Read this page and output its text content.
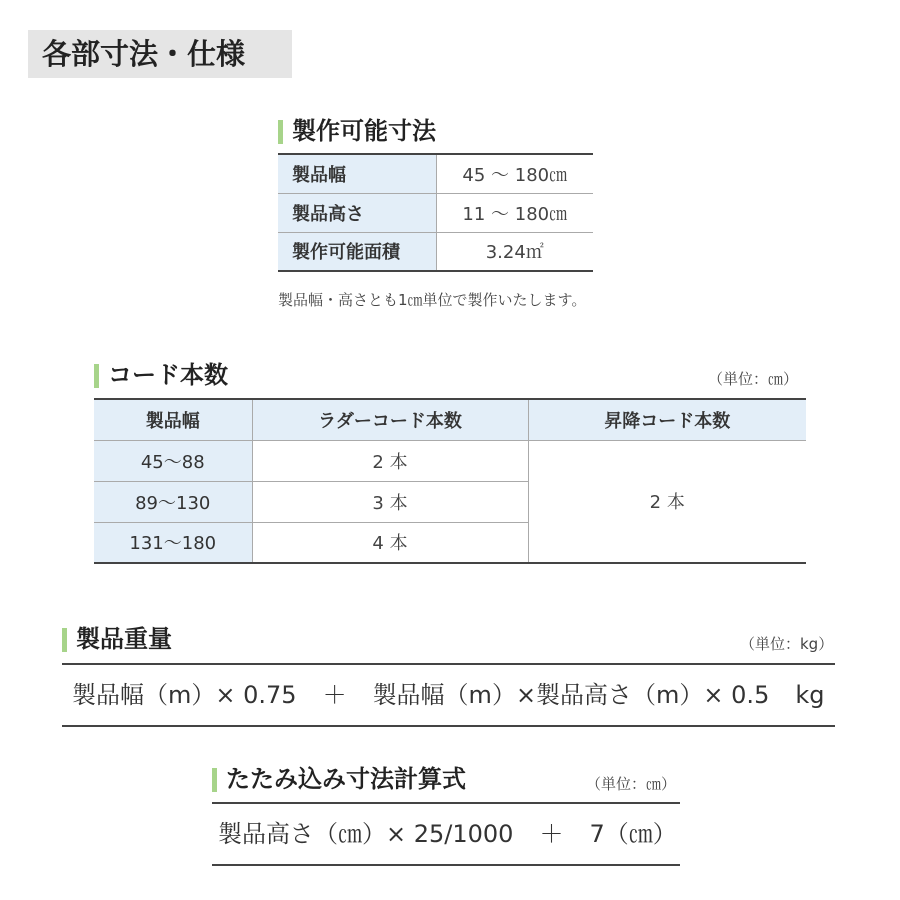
各部寸法・仕様
製作可能寸法
製品幅	45 ～ 180㎝
製品高さ	11 ～ 180㎝
製作可能面積	3.24㎡
製品幅・高さとも1㎝単位で製作いたします。
コード本数	（単位：㎝）
製品幅	ラダーコード本数	昇降コード本数
45～88	2 本	2 本
89～130	3 本	
131～180	4 本	
製品重量	（単位：kg）
製品幅（m）× 0.75 ＋ 製品幅（m）×製品高さ（m）× 0.5 kg
たたみ込み寸法計算式	（単位：㎝）
製品高さ（㎝）× 25/1000 ＋ 7（㎝）
